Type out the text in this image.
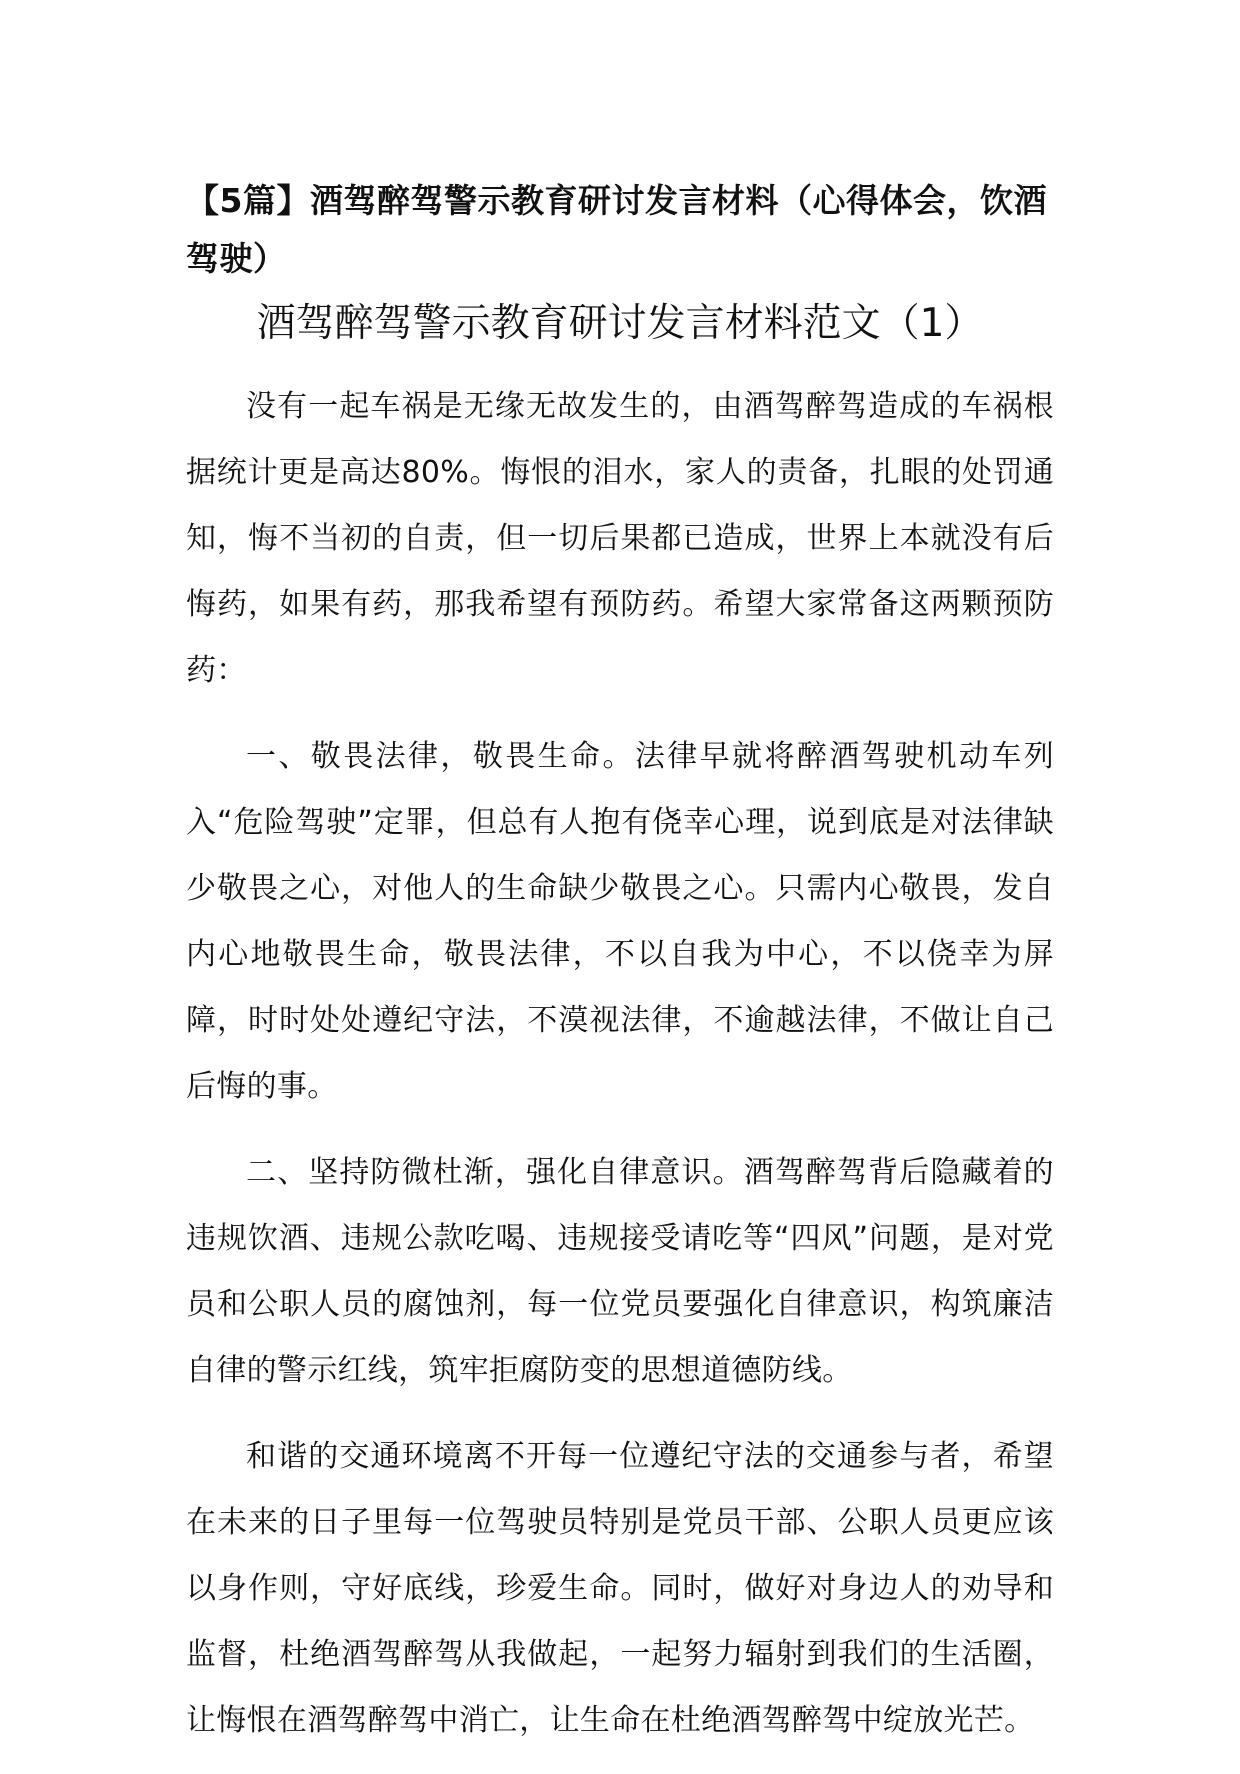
【5篇】酒驾醉驾警示教育研讨发言材料（心得体会，饮酒驾驶）
酒驾醉驾警示教育研讨发言材料范文（1）

没有一起车祸是无缘无故发生的，由酒驾醉驾造成的车祸根据统计更是高达80%。悔恨的泪水，家人的责备，扎眼的处罚通知，悔不当初的自责，但一切后果都已造成，世界上本就没有后悔药，如果有药，那我希望有预防药。希望大家常备这两颗预防药：

一、敬畏法律，敬畏生命。法律早就将醉酒驾驶机动车列入“危险驾驶”定罪，但总有人抱有侥幸心理，说到底是对法律缺少敬畏之心，对他人的生命缺少敬畏之心。只需内心敬畏，发自内心地敬畏生命，敬畏法律，不以自我为中心，不以侥幸为屏障，时时处处遵纪守法，不漠视法律，不逾越法律，不做让自己后悔的事。

二、坚持防微杜渐，强化自律意识。酒驾醉驾背后隐藏着的违规饮酒、违规公款吃喝、违规接受请吃等“四风”问题，是对党员和公职人员的腐蚀剂，每一位党员要强化自律意识，构筑廉洁自律的警示红线，筑牢拒腐防变的思想道德防线。

和谐的交通环境离不开每一位遵纪守法的交通参与者，希望在未来的日子里每一位驾驶员特别是党员干部、公职人员更应该以身作则，守好底线，珍爱生命。同时，做好对身边人的劝导和监督，杜绝酒驾醉驾从我做起，一起努力辐射到我们的生活圈，让悔恨在酒驾醉驾中消亡，让生命在杜绝酒驾醉驾中绽放光芒。
